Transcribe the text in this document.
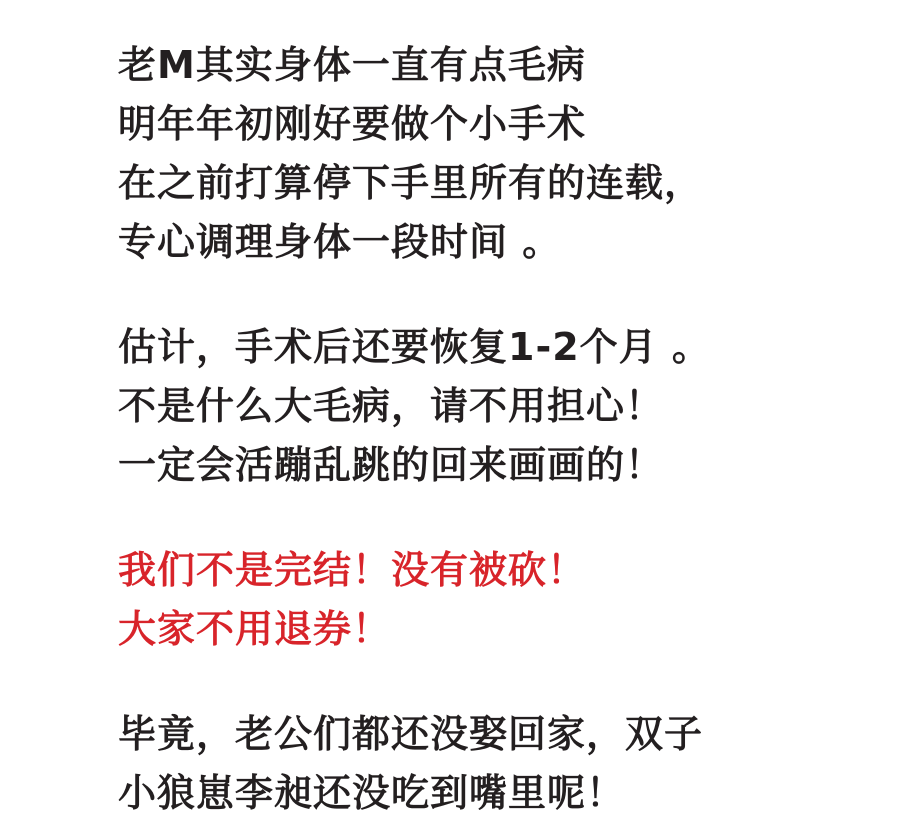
老M其实身体一直有点毛病
明年年初刚好要做个小手术
在之前打算停下手里所有的连载，
专心调理身体一段时间 。
估计，手术后还要恢复1-2个月 。
不是什么大毛病，请不用担心！
一定会活蹦乱跳的回来画画的！
我们不是完结！没有被砍！
大家不用退券！
毕竟，老公们都还没娶回家，双子
小狼崽李昶还没吃到嘴里呢！
